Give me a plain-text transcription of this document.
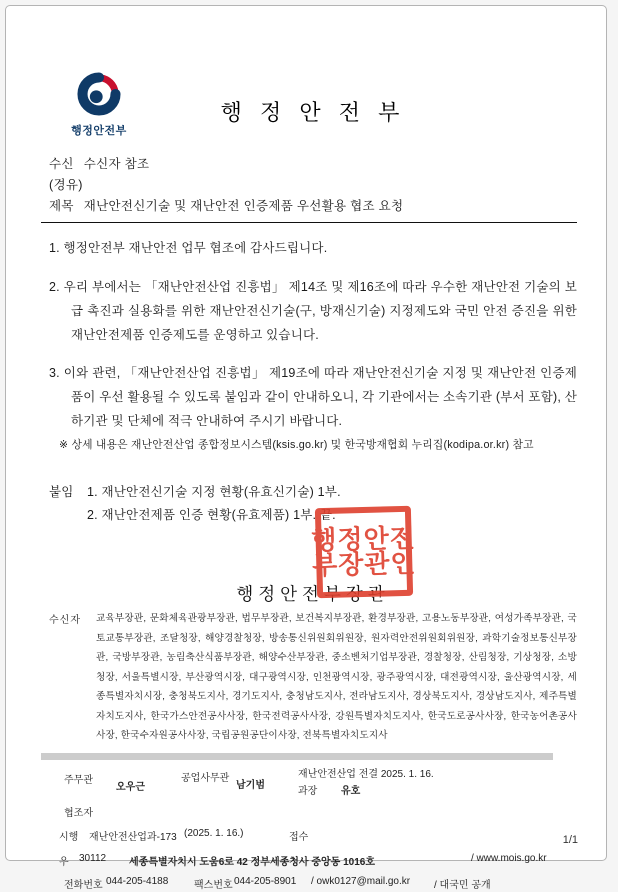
행정안전
부장관인
행정안전부
행 정 안 전 부
수신 수신자 참조
(경유)
제목 재난안전신기술 및 재난안전 인증제품 우선활용 협조 요청

1. 행정안전부 재난안전 업무 협조에 감사드립니다.

2. 우리 부에서는 「재난안전산업 진흥법」 제14조 및 제16조에 따라 우수한 재난안전 기술의 보급 촉진과 실용화를 위한 재난안전신기술(구, 방재신기술) 지정제도와 국민 안전 증진을 위한 재난안전제품 인증제도를 운영하고 있습니다.

3. 이와 관련, 「재난안전산업 진흥법」 제19조에 따라 재난안전신기술 지정 및 재난안전 인증제품이 우선 활용될 수 있도록 붙임과 같이 안내하오니, 각 기관에서는 소속기관 (부서 포함), 산하기관 및 단체에 적극 안내하여 주시기 바랍니다.

※ 상세 내용은 재난안전산업 종합정보시스템(ksis.go.kr) 및 한국방재협회 누리집(kodipa.or.kr) 참고
붙임	1. 재난안전신기술 지정 현황(유효신기술) 1부.
2. 재난안전제품 인증 현황(유효제품) 1부. 끝.
행정안전부장관
수신자	교육부장관, 문화체육관광부장관, 법무부장관, 보건복지부장관, 환경부장관, 고용노동부장관, 여성가족부장관, 국토교통부장관, 조달청장, 해양경찰청장, 방송통신위원회위원장, 원자력안전위원회위원장, 과학기술정보통신부장관, 국방부장관, 농림축산식품부장관, 해양수산부장관, 중소벤처기업부장관, 경찰청장, 산림청장, 기상청장, 소방청장, 서울특별시장, 부산광역시장, 대구광역시장, 인천광역시장, 광주광역시장, 대전광역시장, 울산광역시장, 세종특별자치시장, 충청북도지사, 경기도지사, 충청남도지사, 전라남도지사, 경상북도지사, 경상남도지사, 제주특별자치도지사, 한국가스안전공사사장, 한국전력공사사장, 강원특별자치도지사, 한국도로공사사장, 한국농어촌공사사장, 한국수자원공사사장, 국립공원공단이사장, 전북특별자치도지사
주무관
오우근
공업사무관
남기범
재난안전산업 전결 2025. 1. 16.
과장 유호
협조자
시행 재난안전산업과-173 (2025. 1. 16.)	접수
우 30112 세종특별자치시 도움6로 42 정부세종청사 중앙동 1016호	/ www.mois.go.kr
전화번호 044-205-4188	팩스번호 044-205-8901 / owk0127@mail.go.kr / 대국민 공개
1/1
